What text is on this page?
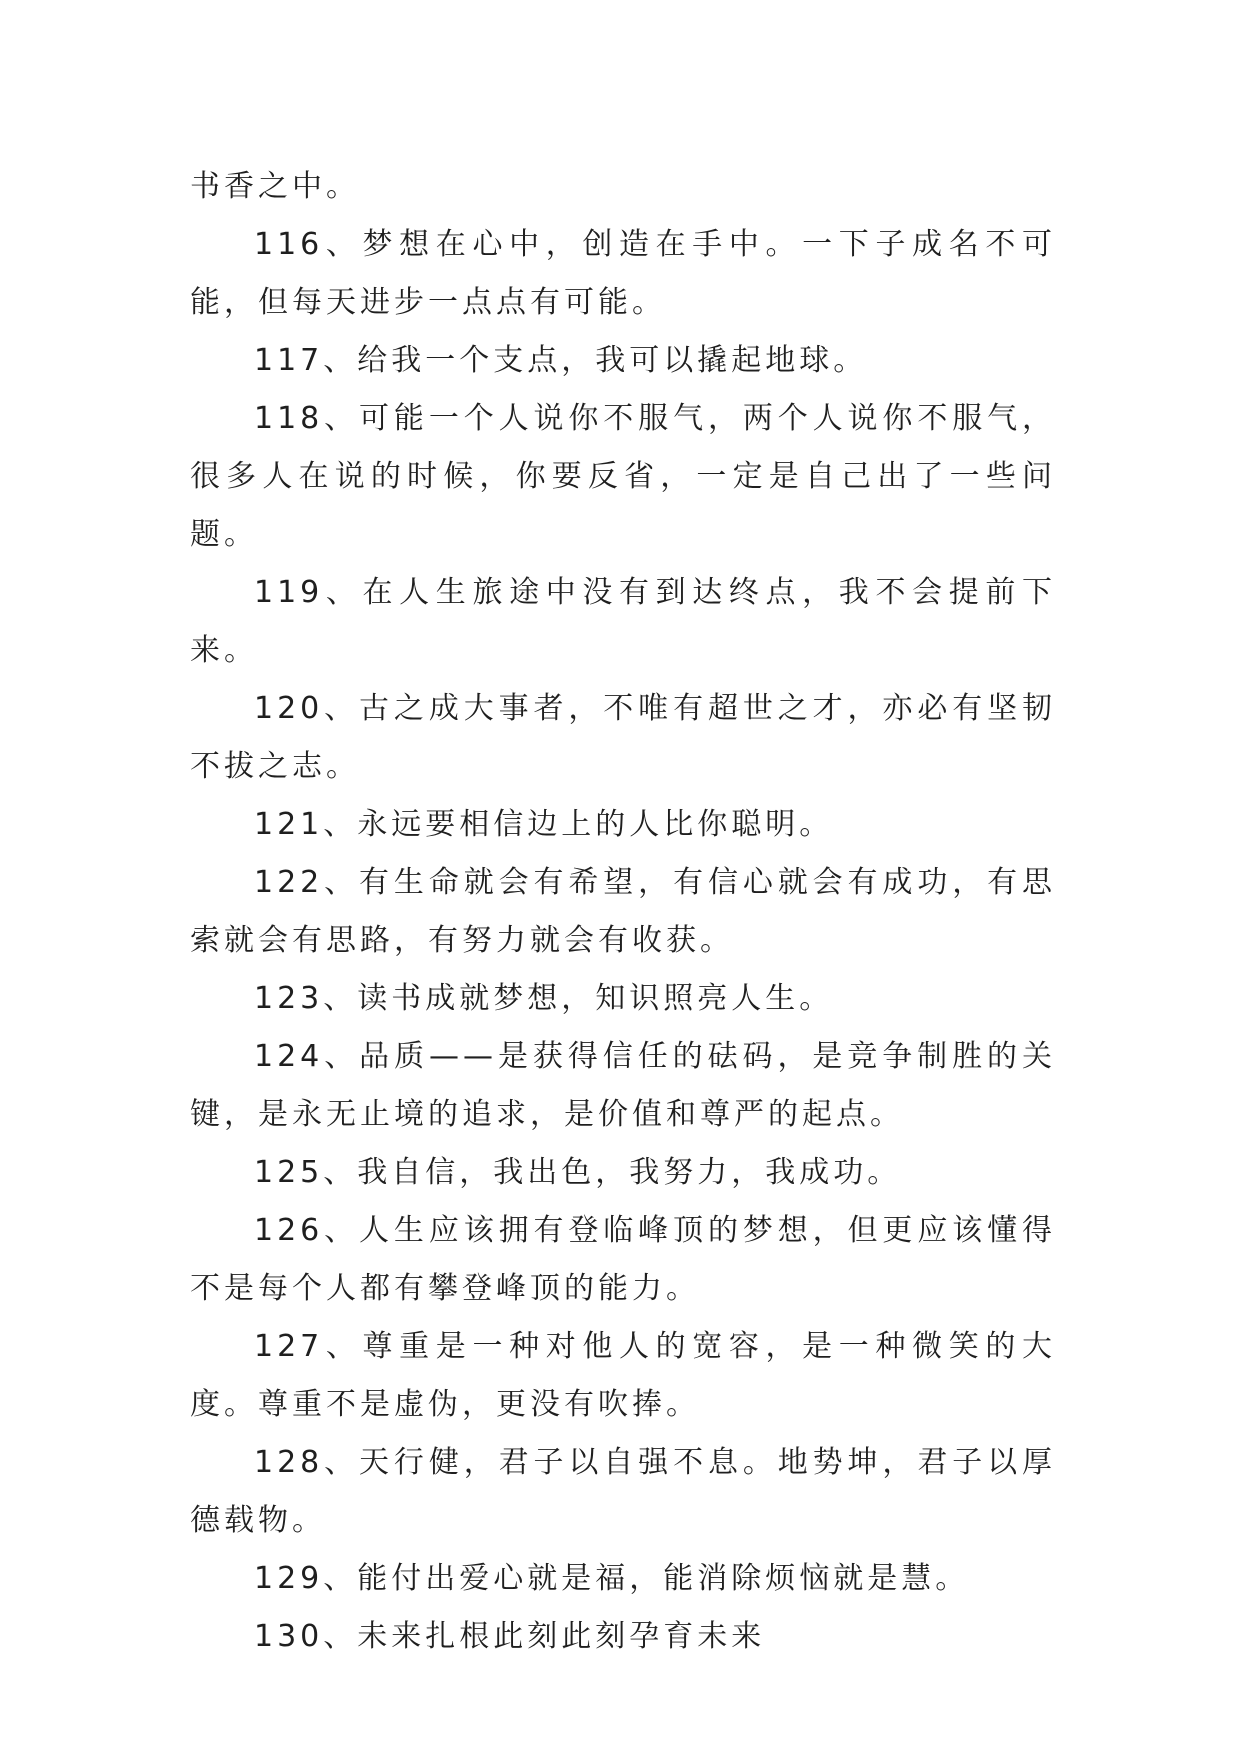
书香之中。

116、梦想在心中，创造在手中。一下子成名不可能，但每天进步一点点有可能。

117、给我一个支点，我可以撬起地球。

118、可能一个人说你不服气，两个人说你不服气，很多人在说的时候，你要反省，一定是自己出了一些问题。

119、在人生旅途中没有到达终点，我不会提前下来。

120、古之成大事者，不唯有超世之才，亦必有坚韧不拔之志。

121、永远要相信边上的人比你聪明。

122、有生命就会有希望，有信心就会有成功，有思索就会有思路，有努力就会有收获。

123、读书成就梦想，知识照亮人生。

124、品质——是获得信任的砝码，是竞争制胜的关键，是永无止境的追求，是价值和尊严的起点。

125、我自信，我出色，我努力，我成功。

126、人生应该拥有登临峰顶的梦想，但更应该懂得不是每个人都有攀登峰顶的能力。

127、尊重是一种对他人的宽容，是一种微笑的大度。尊重不是虚伪，更没有吹捧。

128、天行健，君子以自强不息。地势坤，君子以厚德载物。

129、能付出爱心就是福，能消除烦恼就是慧。

130、未来扎根此刻此刻孕育未来
